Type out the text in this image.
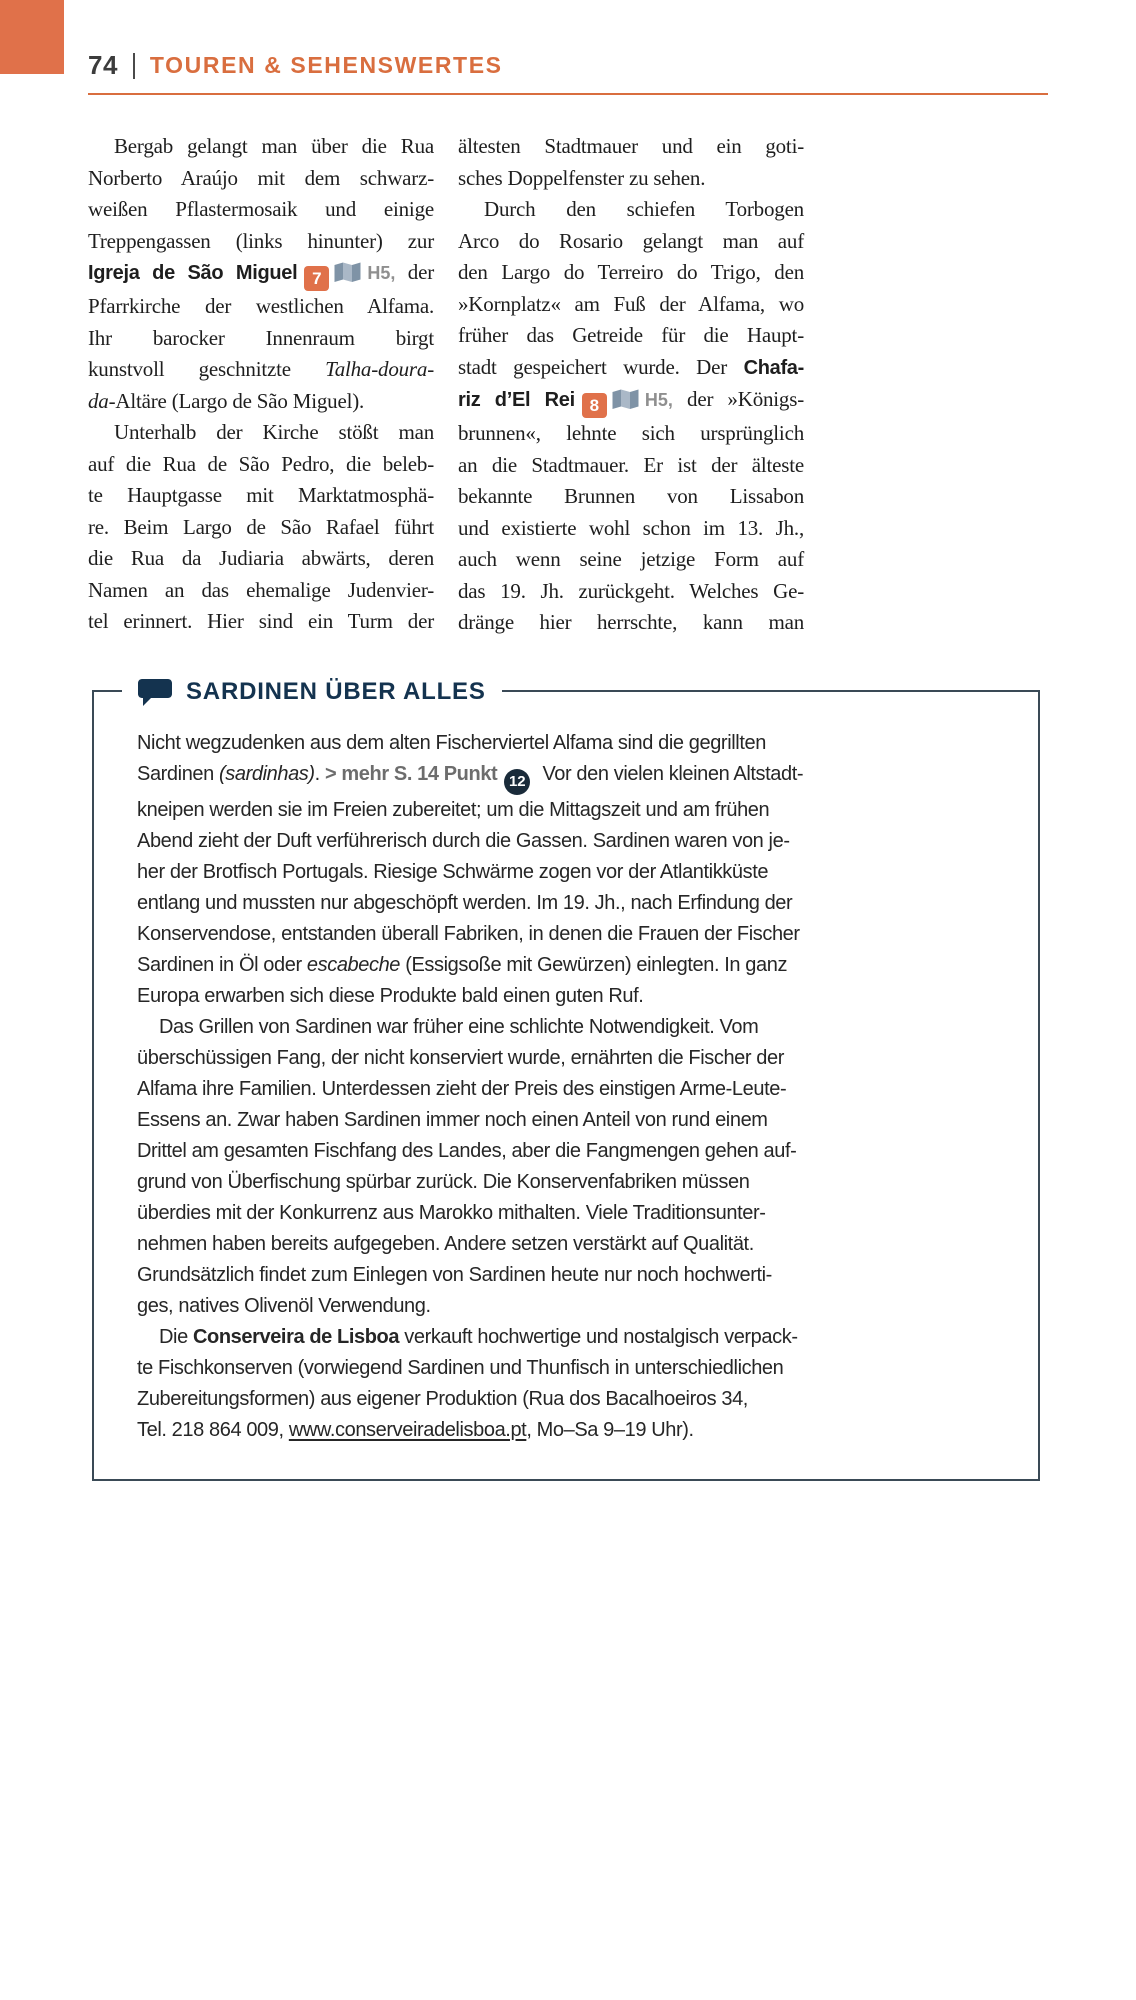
74 TOUREN & SEHENSWERTES
Bergab gelangt man über die Rua
Norberto Araújo mit dem schwarz-
weißen Pflastermosaik und einige
Treppengassen (links hinunter) zur
Igreja de São Miguel 7	H5, der
Pfarrkirche der westlichen Alfama.
Ihr barocker Innenraum birgt
kunstvoll geschnitzte Talha-doura-
da-Altäre (Largo de São Miguel).
Unterhalb der Kirche stößt man
auf die Rua de São Pedro, die beleb-
te Hauptgasse mit Marktatmosphä-
re. Beim Largo de São Rafael führt
die Rua da Judiaria abwärts, deren
Namen an das ehemalige Judenvier-
tel erinnert. Hier sind ein Turm der
ältesten Stadtmauer und ein goti-
sches Doppelfenster zu sehen.
Durch den schiefen Torbogen
Arco do Rosario gelangt man auf
den Largo do Terreiro do Trigo, den
»Kornplatz« am Fuß der Alfama, wo
früher das Getreide für die Haupt-
stadt gespeichert wurde. Der Chafa-
riz d’El Rei 8	H5, der »Königs-
brunnen«, lehnte sich ursprünglich
an die Stadtmauer. Er ist der älteste
bekannte Brunnen von Lissabon
und existierte wohl schon im 13. Jh.,
auch wenn seine jetzige Form auf
das 19. Jh. zurückgeht. Welches Ge-
dränge hier herrschte, kann man
SARDINEN ÜBER ALLES
Nicht wegzudenken aus dem alten Fischerviertel Alfama sind die gegrillten
Sardinen (sardinhas). > mehr S. 14 Punkt 12 Vor den vielen kleinen Altstadt-
kneipen werden sie im Freien zubereitet; um die Mittagszeit und am frühen
Abend zieht der Duft verführerisch durch die Gassen. Sardinen waren von je-
her der Brotfisch Portugals. Riesige Schwärme zogen vor der Atlantikküste
entlang und mussten nur abgeschöpft werden. Im 19. Jh., nach Erfindung der
Konservendose, entstanden überall Fabriken, in denen die Frauen der Fischer
Sardinen in Öl oder escabeche (Essigsoße mit Gewürzen) einlegten. In ganz
Europa erwarben sich diese Produkte bald einen guten Ruf.
Das Grillen von Sardinen war früher eine schlichte Notwendigkeit. Vom
überschüssigen Fang, der nicht konserviert wurde, ernährten die Fischer der
Alfama ihre Familien. Unterdessen zieht der Preis des einstigen Arme-Leute-
Essens an. Zwar haben Sardinen immer noch einen Anteil von rund einem
Drittel am gesamten Fischfang des Landes, aber die Fangmengen gehen auf-
grund von Überfischung spürbar zurück. Die Konservenfabriken müssen
überdies mit der Konkurrenz aus Marokko mithalten. Viele Traditionsunter-
nehmen haben bereits aufgegeben. Andere setzen verstärkt auf Qualität.
Grundsätzlich findet zum Einlegen von Sardinen heute nur noch hochwerti-
ges, natives Olivenöl Verwendung.
Die Conserveira de Lisboa verkauft hochwertige und nostalgisch verpack-
te Fischkonserven (vorwiegend Sardinen und Thunfisch in unterschiedlichen
Zubereitungsformen) aus eigener Produktion (Rua dos Bacalhoeiros 34,
Tel. 218 864 009, www.conserveiradelisboa.pt, Mo–Sa 9–19 Uhr).
